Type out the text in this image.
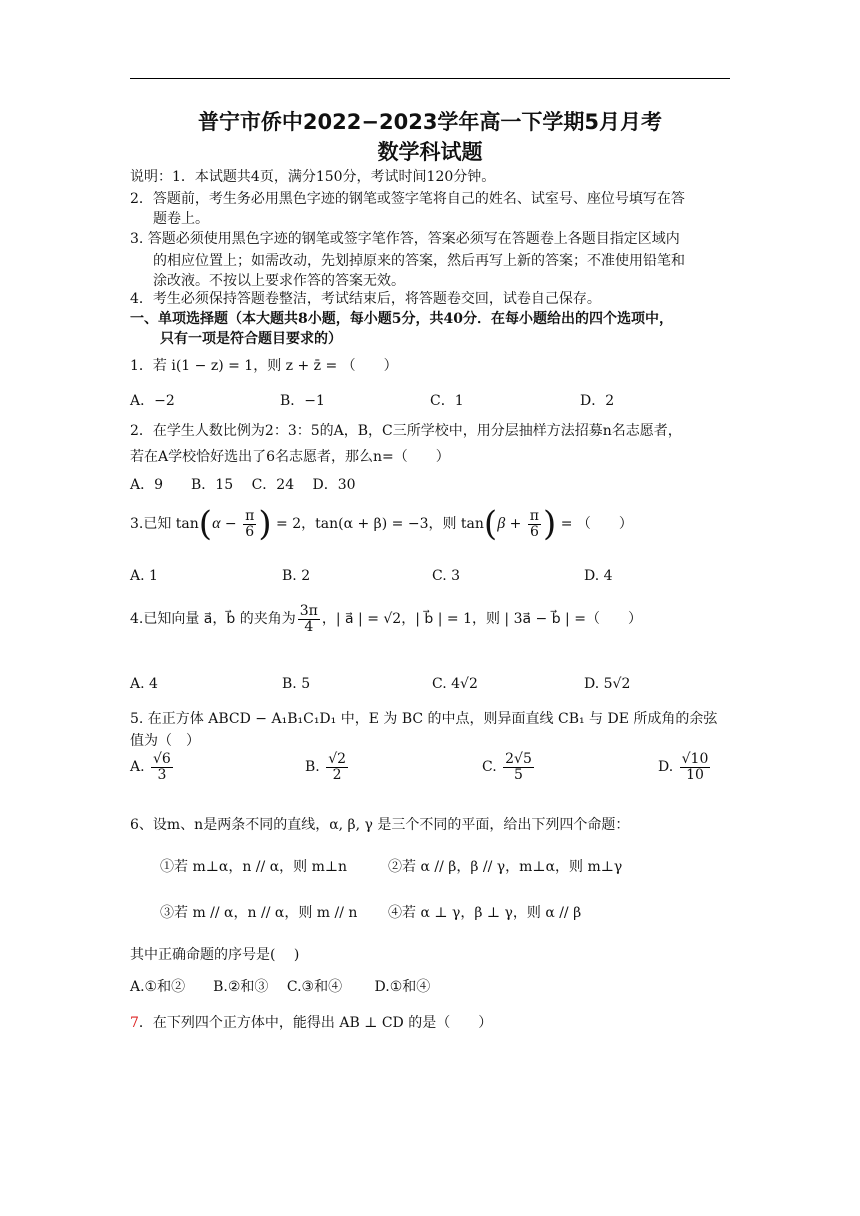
普宁市侨中2022−2023学年高一下学期5月月考
数学科试题
说明：1．本试题共4页，满分150分，考试时间120分钟。
2．答题前，考生务必用黑色字迹的钢笔或签字笔将自己的姓名、试室号、座位号填写在答
题卷上。
3. 答题必须使用黑色字迹的钢笔或签字笔作答，答案必须写在答题卷上各题目指定区域内
的相应位置上；如需改动，先划掉原来的答案，然后再写上新的答案；不准使用铅笔和
涂改液。不按以上要求作答的答案无效。
4．考生必须保持答题卷整洁，考试结束后，将答题卷交回，试卷自己保存。
一、单项选择题（本大题共8小题，每小题5分，共40分．在每小题给出的四个选项中，
只有一项是符合题目要求的）
1．若 i(1 − z) = 1，则 z + z̄ = （　　）
A．−2	B．−1	C．1	D．2
2．在学生人数比例为2：3：5的A，B，C三所学校中，用分层抽样方法招募n名志愿者，
若在A学校恰好选出了6名志愿者，那么n=（　　）
A．9　　B．15　 C．24　 D．30
3.已知 $\tan(\alpha - \frac{\pi}{6}$ ) = 2，tan(α + β) = −3，则 $\tan(\beta + \frac{\pi}{6}$ ) = （　　）
A. 1	B. 2	C. 3	D. 4
4.已知向量 a⃗，b⃗ 的夹角为 $\frac{3\pi}{4}$ ，| a⃗ | = √2，| b⃗ | = 1，则 | 3a⃗ − b⃗ | =（　　）
A. 4	B. 5	C. 4√2	D. 5√2
5. 在正方体 ABCD − A₁B₁C₁D₁ 中，E 为 BC 的中点，则异面直线 CB₁ 与 DE 所成角的余弦
值为（　）
A. $\frac{√6}{3}$	B. $\frac{√2}{2}$	C. $\frac{2√5}{5}$	D. $\frac{√10}{10}$
6、设m、n是两条不同的直线，α, β, γ 是三个不同的平面，给出下列四个命题：
①若 m⊥α，n // α，则 m⊥n	②若 α // β，β // γ，m⊥α，则 m⊥γ
③若 m // α，n // α，则 m // n ④若 α ⊥ γ，β ⊥ γ，则 α // β
其中正确命题的序号是(　 )
A.①和②　　B.②和③　 C.③和④　　 D.①和④
7．在下列四个正方体中，能得出 AB ⊥ CD 的是（　　）
